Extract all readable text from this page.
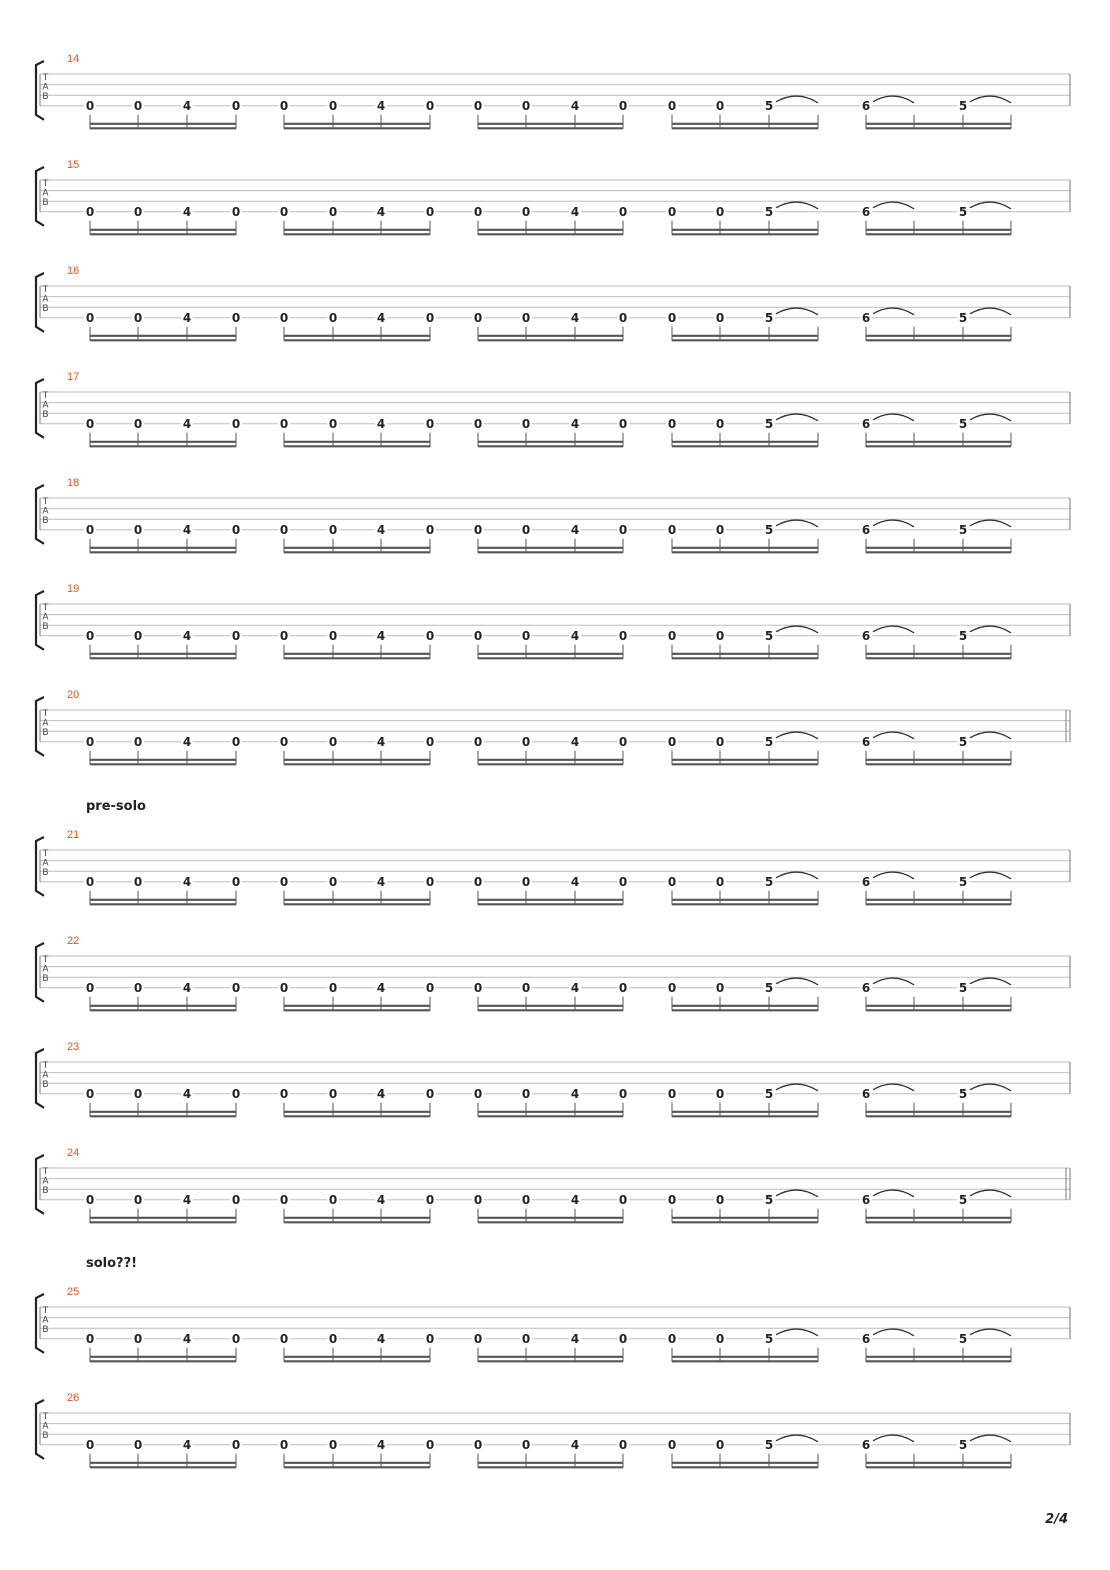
14
T
A
B
0	0	4	0	0	0	4	0	0	0	4	0	0	0	5	6	5
15
T
A
B
0	0	4	0	0	0	4	0	0	0	4	0	0	0	5	6	5
16
T
A
B
0	0	4	0	0	0	4	0	0	0	4	0	0	0	5	6	5
17
T
A
B
0	0	4	0	0	0	4	0	0	0	4	0	0	0	5	6	5
18
T
A
B
0	0	4	0	0	0	4	0	0	0	4	0	0	0	5	6	5
19
T
A
B
0	0	4	0	0	0	4	0	0	0	4	0	0	0	5	6	5
20
T
A
B
0	0	4	0	0	0	4	0	0	0	4	0	0	0	5	6	5
pre-solo
21
T
A
B
0	0	4	0	0	0	4	0	0	0	4	0	0	0	5	6	5
22
T
A
B
0	0	4	0	0	0	4	0	0	0	4	0	0	0	5	6	5
23
T
A
B
0	0	4	0	0	0	4	0	0	0	4	0	0	0	5	6	5
24
T
A
B
0	0	4	0	0	0	4	0	0	0	4	0	0	0	5	6	5
solo??!
25
T
A
B
0	0	4	0	0	0	4	0	0	0	4	0	0	0	5	6	5
26
T
A
B
0	0	4	0	0	0	4	0	0	0	4	0	0	0	5	6	5
2/4
